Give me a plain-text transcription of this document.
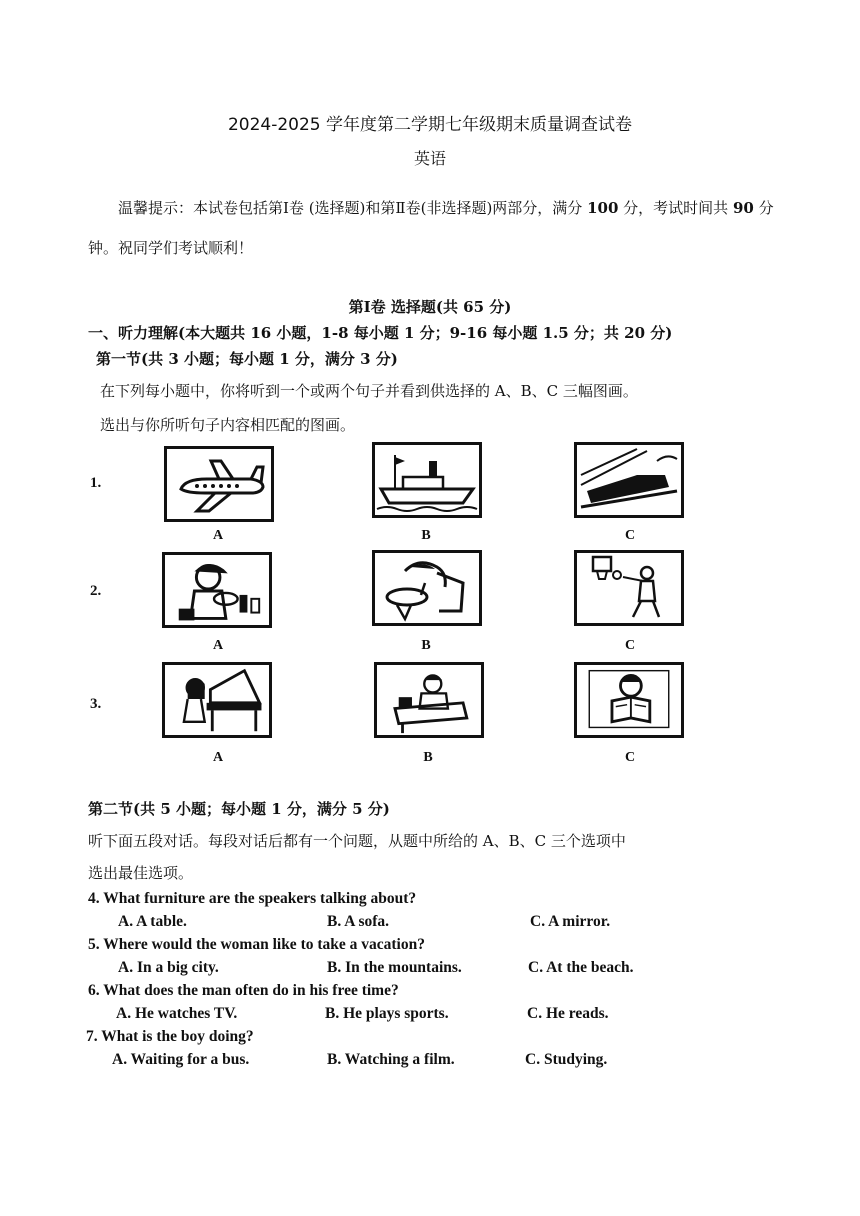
2024-2025 学年度第二学期七年级期末质量调查试卷
英语
温馨提示：本试卷包括第Ⅰ卷 (选择题)和第Ⅱ卷(非选择题)两部分，满分 100 分，考试时间共 90 分钟。祝同学们考试顺利！
第Ⅰ卷 选择题(共 65 分)
一、听力理解(本大题共 16 小题，1-8 每小题 1 分；9-16 每小题 1.5 分；共 20 分)
第一节(共 3 小题；每小题 1 分，满分 3 分)
在下列每小题中，你将听到一个或两个句子并看到供选择的 A、B、C 三幅图画。
选出与你所听句子内容相匹配的图画。
1.
A	B	C
2.
A	B	C
3.
A	B	C
第二节(共 5 小题；每小题 1 分，满分 5 分)
听下面五段对话。每段对话后都有一个问题，从题中所给的 A、B、C 三个选项中
选出最佳选项。
4. What furniture are the speakers talking about?
A. A table.	B. A sofa.	C. A mirror.
5. Where would the woman like to take a vacation?
A. In a big city.	B. In the mountains.	C. At the beach.
6. What does the man often do in his free time?
A. He watches TV.	B. He plays sports.	C. He reads.
7. What is the boy doing?
A. Waiting for a bus.	B. Watching a film.	C. Studying.
